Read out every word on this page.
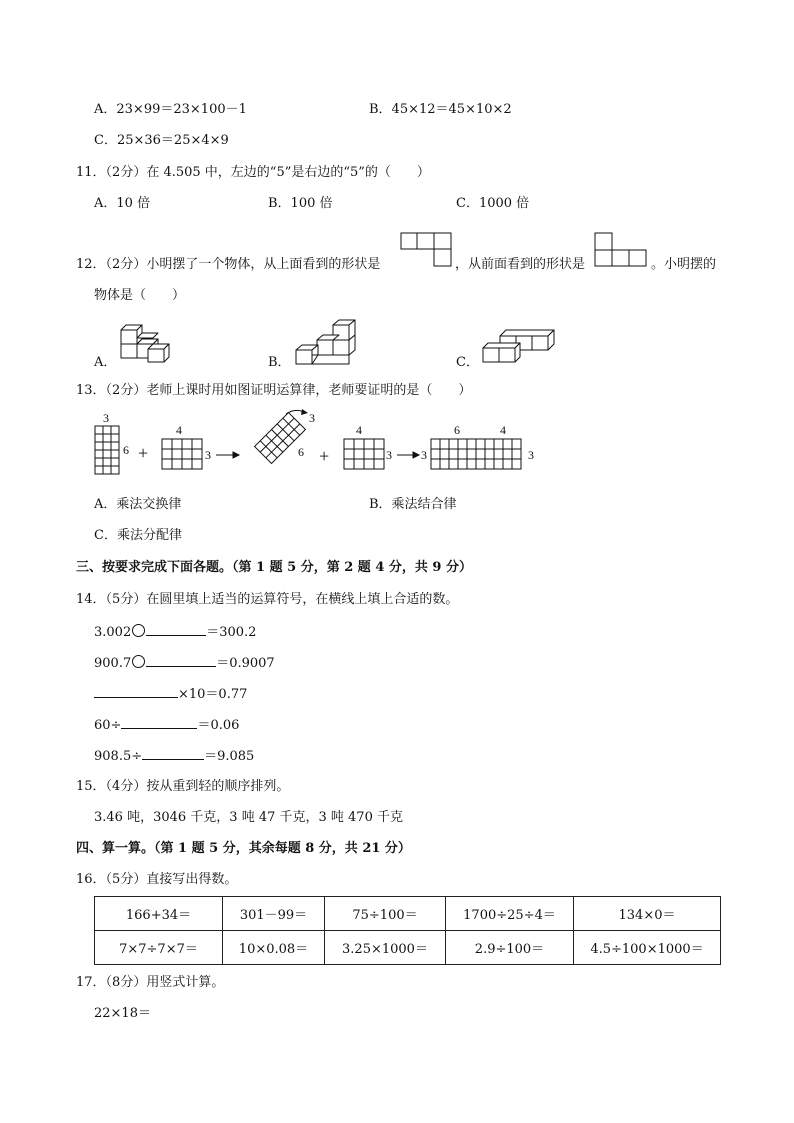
A．23×99＝23×100－1	B．45×12＝45×10×2
C．25×36＝25×4×9
11．（2分）在 4.505 中，左边的“5”是右边的“5”的（　　）
A．10 倍	B．100 倍	C．1000 倍
12．（2分）小明摆了一个物体，从上面看到的形状是	，从前面看到的形状是	。小明摆的
物体是（　　）
A．	B．	C．
13．（2分）老师上课时用如图证明运算律，老师要证明的是（　　）
3
6 +
4
3
3
6 +
4
3 3
6	4
3
A．乘法交换律	B．乘法结合律
C．乘法分配律
三、按要求完成下面各题。（第 1 题 5 分，第 2 题 4 分，共 9 分）
14．（5分）在圆里填上适当的运算符号，在横线上填上合适的数。
3.002	＝300.2
900.7	＝0.9007
×10＝0.77
60÷	＝0.06
908.5÷	＝9.085
15．（4分）按从重到轻的顺序排列。
3.46 吨，3046 千克，3 吨 47 千克，3 吨 470 千克
四、算一算。（第 1 题 5 分，其余每题 8 分，共 21 分）
16．（5分）直接写出得数。
166+34＝	301－99＝	75÷100＝	1700÷25÷4＝	134×0＝
7×7÷7×7＝	10×0.08＝	3.25×1000＝	2.9÷100＝	4.5÷100×1000＝
17．（8分）用竖式计算。
22×18＝
